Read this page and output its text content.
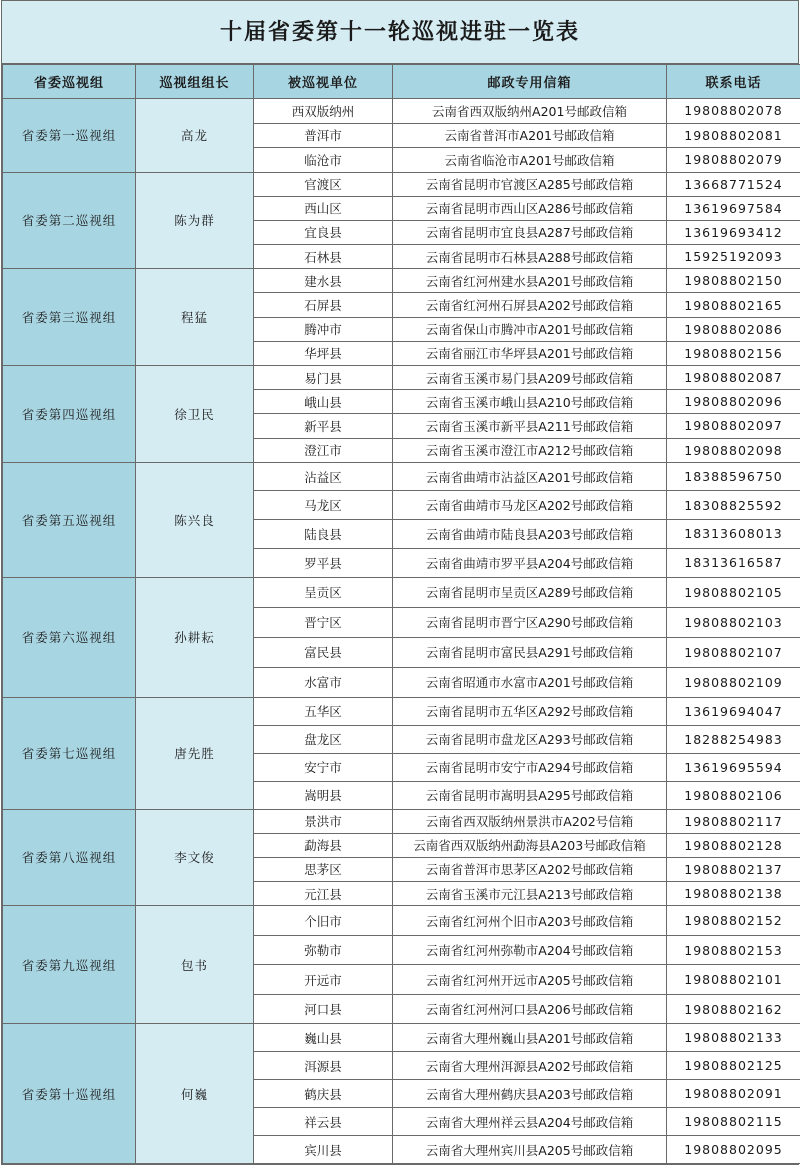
十届省委第十一轮巡视进驻一览表
省委巡视组	巡视组组长	被巡视单位	邮政专用信箱	联系电话
省委第一巡视组	高龙	西双版纳州	云南省西双版纳州A201号邮政信箱	19808802078
		普洱市	云南省普洱市A201号邮政信箱	19808802081
		临沧市	云南省临沧市A201号邮政信箱	19808802079
省委第二巡视组	陈为群	官渡区	云南省昆明市官渡区A285号邮政信箱	13668771524
		西山区	云南省昆明市西山区A286号邮政信箱	13619697584
		宜良县	云南省昆明市宜良县A287号邮政信箱	13619693412
		石林县	云南省昆明市石林县A288号邮政信箱	15925192093
省委第三巡视组	程猛	建水县	云南省红河州建水县A201号邮政信箱	19808802150
		石屏县	云南省红河州石屏县A202号邮政信箱	19808802165
		腾冲市	云南省保山市腾冲市A201号邮政信箱	19808802086
		华坪县	云南省丽江市华坪县A201号邮政信箱	19808802156
省委第四巡视组	徐卫民	易门县	云南省玉溪市易门县A209号邮政信箱	19808802087
		峨山县	云南省玉溪市峨山县A210号邮政信箱	19808802096
		新平县	云南省玉溪市新平县A211号邮政信箱	19808802097
		澄江市	云南省玉溪市澄江市A212号邮政信箱	19808802098
省委第五巡视组	陈兴良	沾益区	云南省曲靖市沾益区A201号邮政信箱	18388596750
		马龙区	云南省曲靖市马龙区A202号邮政信箱	18308825592
		陆良县	云南省曲靖市陆良县A203号邮政信箱	18313608013
		罗平县	云南省曲靖市罗平县A204号邮政信箱	18313616587
省委第六巡视组	孙耕耘	呈贡区	云南省昆明市呈贡区A289号邮政信箱	19808802105
		晋宁区	云南省昆明市晋宁区A290号邮政信箱	19808802103
		富民县	云南省昆明市富民县A291号邮政信箱	19808802107
		水富市	云南省昭通市水富市A201号邮政信箱	19808802109
省委第七巡视组	唐先胜	五华区	云南省昆明市五华区A292号邮政信箱	13619694047
		盘龙区	云南省昆明市盘龙区A293号邮政信箱	18288254983
		安宁市	云南省昆明市安宁市A294号邮政信箱	13619695594
		嵩明县	云南省昆明市嵩明县A295号邮政信箱	19808802106
省委第八巡视组	李文俊	景洪市	云南省西双版纳州景洪市A202号信箱	19808802117
		勐海县	云南省西双版纳州勐海县A203号邮政信箱	19808802128
		思茅区	云南省普洱市思茅区A202号邮政信箱	19808802137
		元江县	云南省玉溪市元江县A213号邮政信箱	19808802138
省委第九巡视组	包书	个旧市	云南省红河州个旧市A203号邮政信箱	19808802152
		弥勒市	云南省红河州弥勒市A204号邮政信箱	19808802153
		开远市	云南省红河州开远市A205号邮政信箱	19808802101
		河口县	云南省红河州河口县A206号邮政信箱	19808802162
省委第十巡视组	何巍	巍山县	云南省大理州巍山县A201号邮政信箱	19808802133
		洱源县	云南省大理州洱源县A202号邮政信箱	19808802125
		鹤庆县	云南省大理州鹤庆县A203号邮政信箱	19808802091
		祥云县	云南省大理州祥云县A204号邮政信箱	19808802115
		宾川县	云南省大理州宾川县A205号邮政信箱	19808802095
